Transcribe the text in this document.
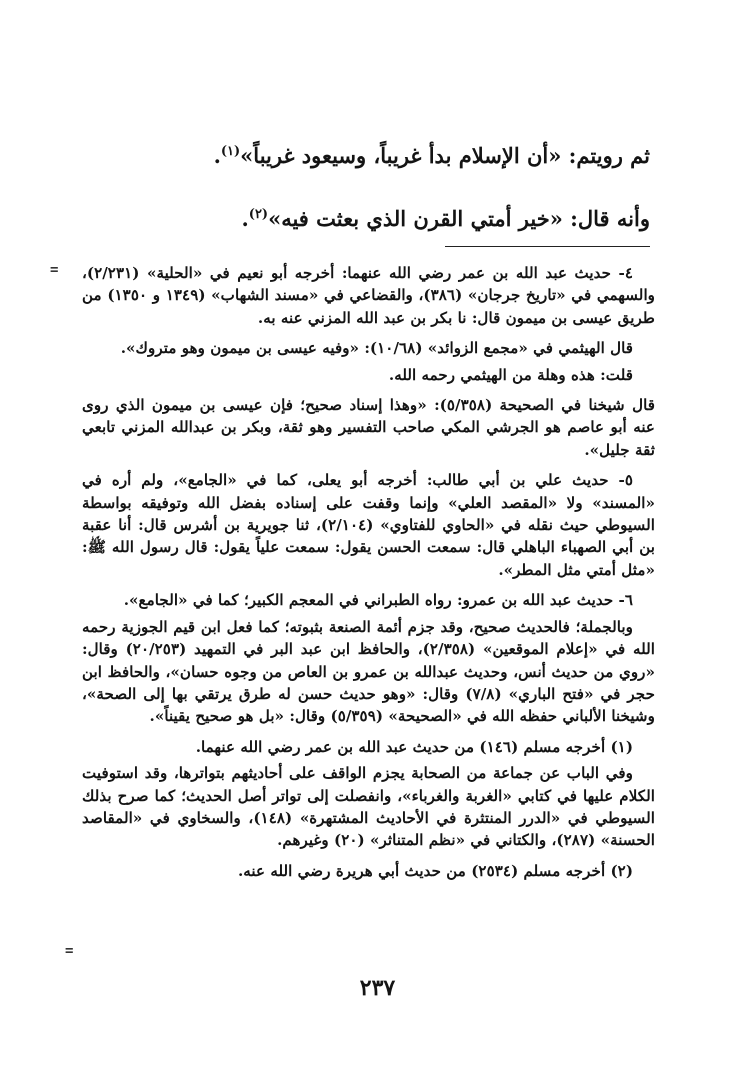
ثم رويتم: «أن الإسلام بدأ غريباً، وسيعود غريباً»$^{(١)}$.
وأنه قال: «خير أمتي القرن الذي بعثت فيه»$^{(٢)}$.
= ٤- حديث عبد الله بن عمر رضي الله عنهما: أخرجه أبو نعيم في «الحلية» (٢/٢٣١)، والسهمي في «تاريخ جرجان» (٣٨٦)، والقضاعي في «مسند الشهاب» (١٣٤٩ و ١٣٥٠) من طريق عيسى بن ميمون قال: نا بكر بن عبد الله المزني عنه به.

قال الهيثمي في «مجمع الزوائد» (١٠/٦٨): «وفيه عيسى بن ميمون وهو متروك».

قلت: هذه وهلة من الهيثمي رحمه الله.

قال شيخنا في الصحيحة (٥/٣٥٨): «وهذا إسناد صحيح؛ فإن عيسى بن ميمون الذي روى عنه أبو عاصم هو الجرشي المكي صاحب التفسير وهو ثقة، وبكر بن عبدالله المزني تابعي ثقة جليل».

٥- حديث علي بن أبي طالب: أخرجه أبو يعلى، كما في «الجامع»، ولم أره في «المسند» ولا «المقصد العلي» وإنما وقفت على إسناده بفضل الله وتوفيقه بواسطة السيوطي حيث نقله في «الحاوي للفتاوي» (٢/١٠٤)، ثنا جويرية بن أشرس قال: أنا عقبة بن أبي الصهباء الباهلي قال: سمعت الحسن يقول: سمعت علياً يقول: قال رسول الله ﷺ: «مثل أمتي مثل المطر».

٦- حديث عبد الله بن عمرو: رواه الطبراني في المعجم الكبير؛ كما في «الجامع».

وبالجملة؛ فالحديث صحيح، وقد جزم أئمة الصنعة بثبوته؛ كما فعل ابن قيم الجوزية رحمه الله في «إعلام الموقعين» (٢/٣٥٨)، والحافظ ابن عبد البر في التمهيد (٢٠/٢٥٣) وقال: «روي من حديث أنس، وحديث عبدالله بن عمرو بن العاص من وجوه حسان»، والحافظ ابن حجر في «فتح الباري» (٧/٨) وقال: «وهو حديث حسن له طرق يرتقي بها إلى الصحة»، وشيخنا الألباني حفظه الله في «الصحيحة» (٥/٣٥٩) وقال: «بل هو صحيح يقيناً».

(١) أخرجه مسلم (١٤٦) من حديث عبد الله بن عمر رضي الله عنهما.

وفي الباب عن جماعة من الصحابة يجزم الواقف على أحاديثهم بتواترها، وقد استوفيت الكلام عليها في كتابي «الغربة والغرباء»، وانفصلت إلى تواتر أصل الحديث؛ كما صرح بذلك السيوطي في «الدرر المنتثرة في الأحاديث المشتهرة» (١٤٨)، والسخاوي في «المقاصد الحسنة» (٢٨٧)، والكتاني في «نظم المتناثر» (٢٠) وغيرهم.

(٢) أخرجه مسلم (٢٥٣٤) من حديث أبي هريرة رضي الله عنه.

=
٢٣٧
